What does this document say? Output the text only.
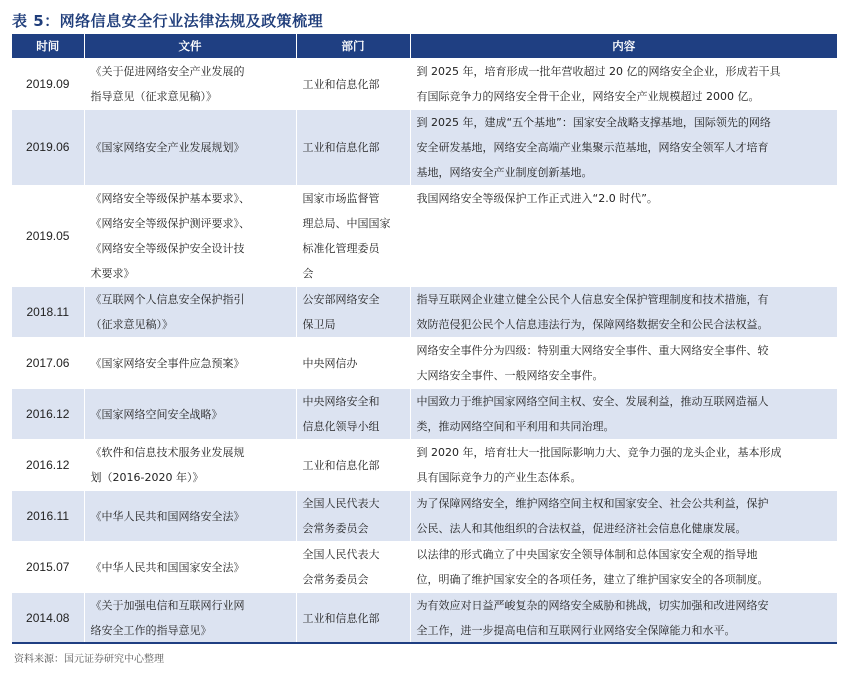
表 5：网络信息安全行业法律法规及政策梳理
时间	文件	部门	内容
2019.09	《关于促进网络安全产业发展的
指导意见（征求意见稿）》	工业和信息化部	到 2025 年，培育形成一批年营收超过 20 亿的网络安全企业，形成若干具
有国际竞争力的网络安全骨干企业，网络安全产业规模超过 2000 亿。

2019.06	《国家网络安全产业发展规划》	工业和信息化部	到 2025 年，建成“五个基地”：国家安全战略支撑基地，国际领先的网络
安全研发基地，网络安全高端产业集聚示范基地，网络安全领军人才培育
基地，网络安全产业制度创新基地。

2019.05	《网络安全等级保护基本要求》、
《网络安全等级保护测评要求》、
《网络安全等级保护安全设计技
术要求》	国家市场监督管
理总局、中国国家
标准化管理委员
会	我国网络安全等级保护工作正式进入“2.0 时代”。

2018.11	《互联网个人信息安全保护指引
（征求意见稿）》	公安部网络安全
保卫局	指导互联网企业建立健全公民个人信息安全保护管理制度和技术措施，有
效防范侵犯公民个人信息违法行为，保障网络数据安全和公民合法权益。

2017.06	《国家网络安全事件应急预案》	中央网信办	网络安全事件分为四级：特别重大网络安全事件、重大网络安全事件、较
大网络安全事件、一般网络安全事件。

2016.12	《国家网络空间安全战略》	中央网络安全和
信息化领导小组	中国致力于维护国家网络空间主权、安全、发展利益，推动互联网造福人
类，推动网络空间和平利用和共同治理。

2016.12	《软件和信息技术服务业发展规
划（2016-2020 年）》	工业和信息化部	到 2020 年，培育壮大一批国际影响力大、竞争力强的龙头企业，基本形成
具有国际竞争力的产业生态体系。

2016.11	《中华人民共和国网络安全法》	全国人民代表大
会常务委员会	为了保障网络安全，维护网络空间主权和国家安全、社会公共利益，保护
公民、法人和其他组织的合法权益，促进经济社会信息化健康发展。

2015.07	《中华人民共和国国家安全法》	全国人民代表大
会常务委员会	以法律的形式确立了中央国家安全领导体制和总体国家安全观的指导地
位，明确了维护国家安全的各项任务，建立了维护国家安全的各项制度。

2014.08	《关于加强电信和互联网行业网
络安全工作的指导意见》	工业和信息化部	为有效应对日益严峻复杂的网络安全威胁和挑战，切实加强和改进网络安
全工作，进一步提高电信和互联网行业网络安全保障能力和水平。
资料来源：国元证券研究中心整理
